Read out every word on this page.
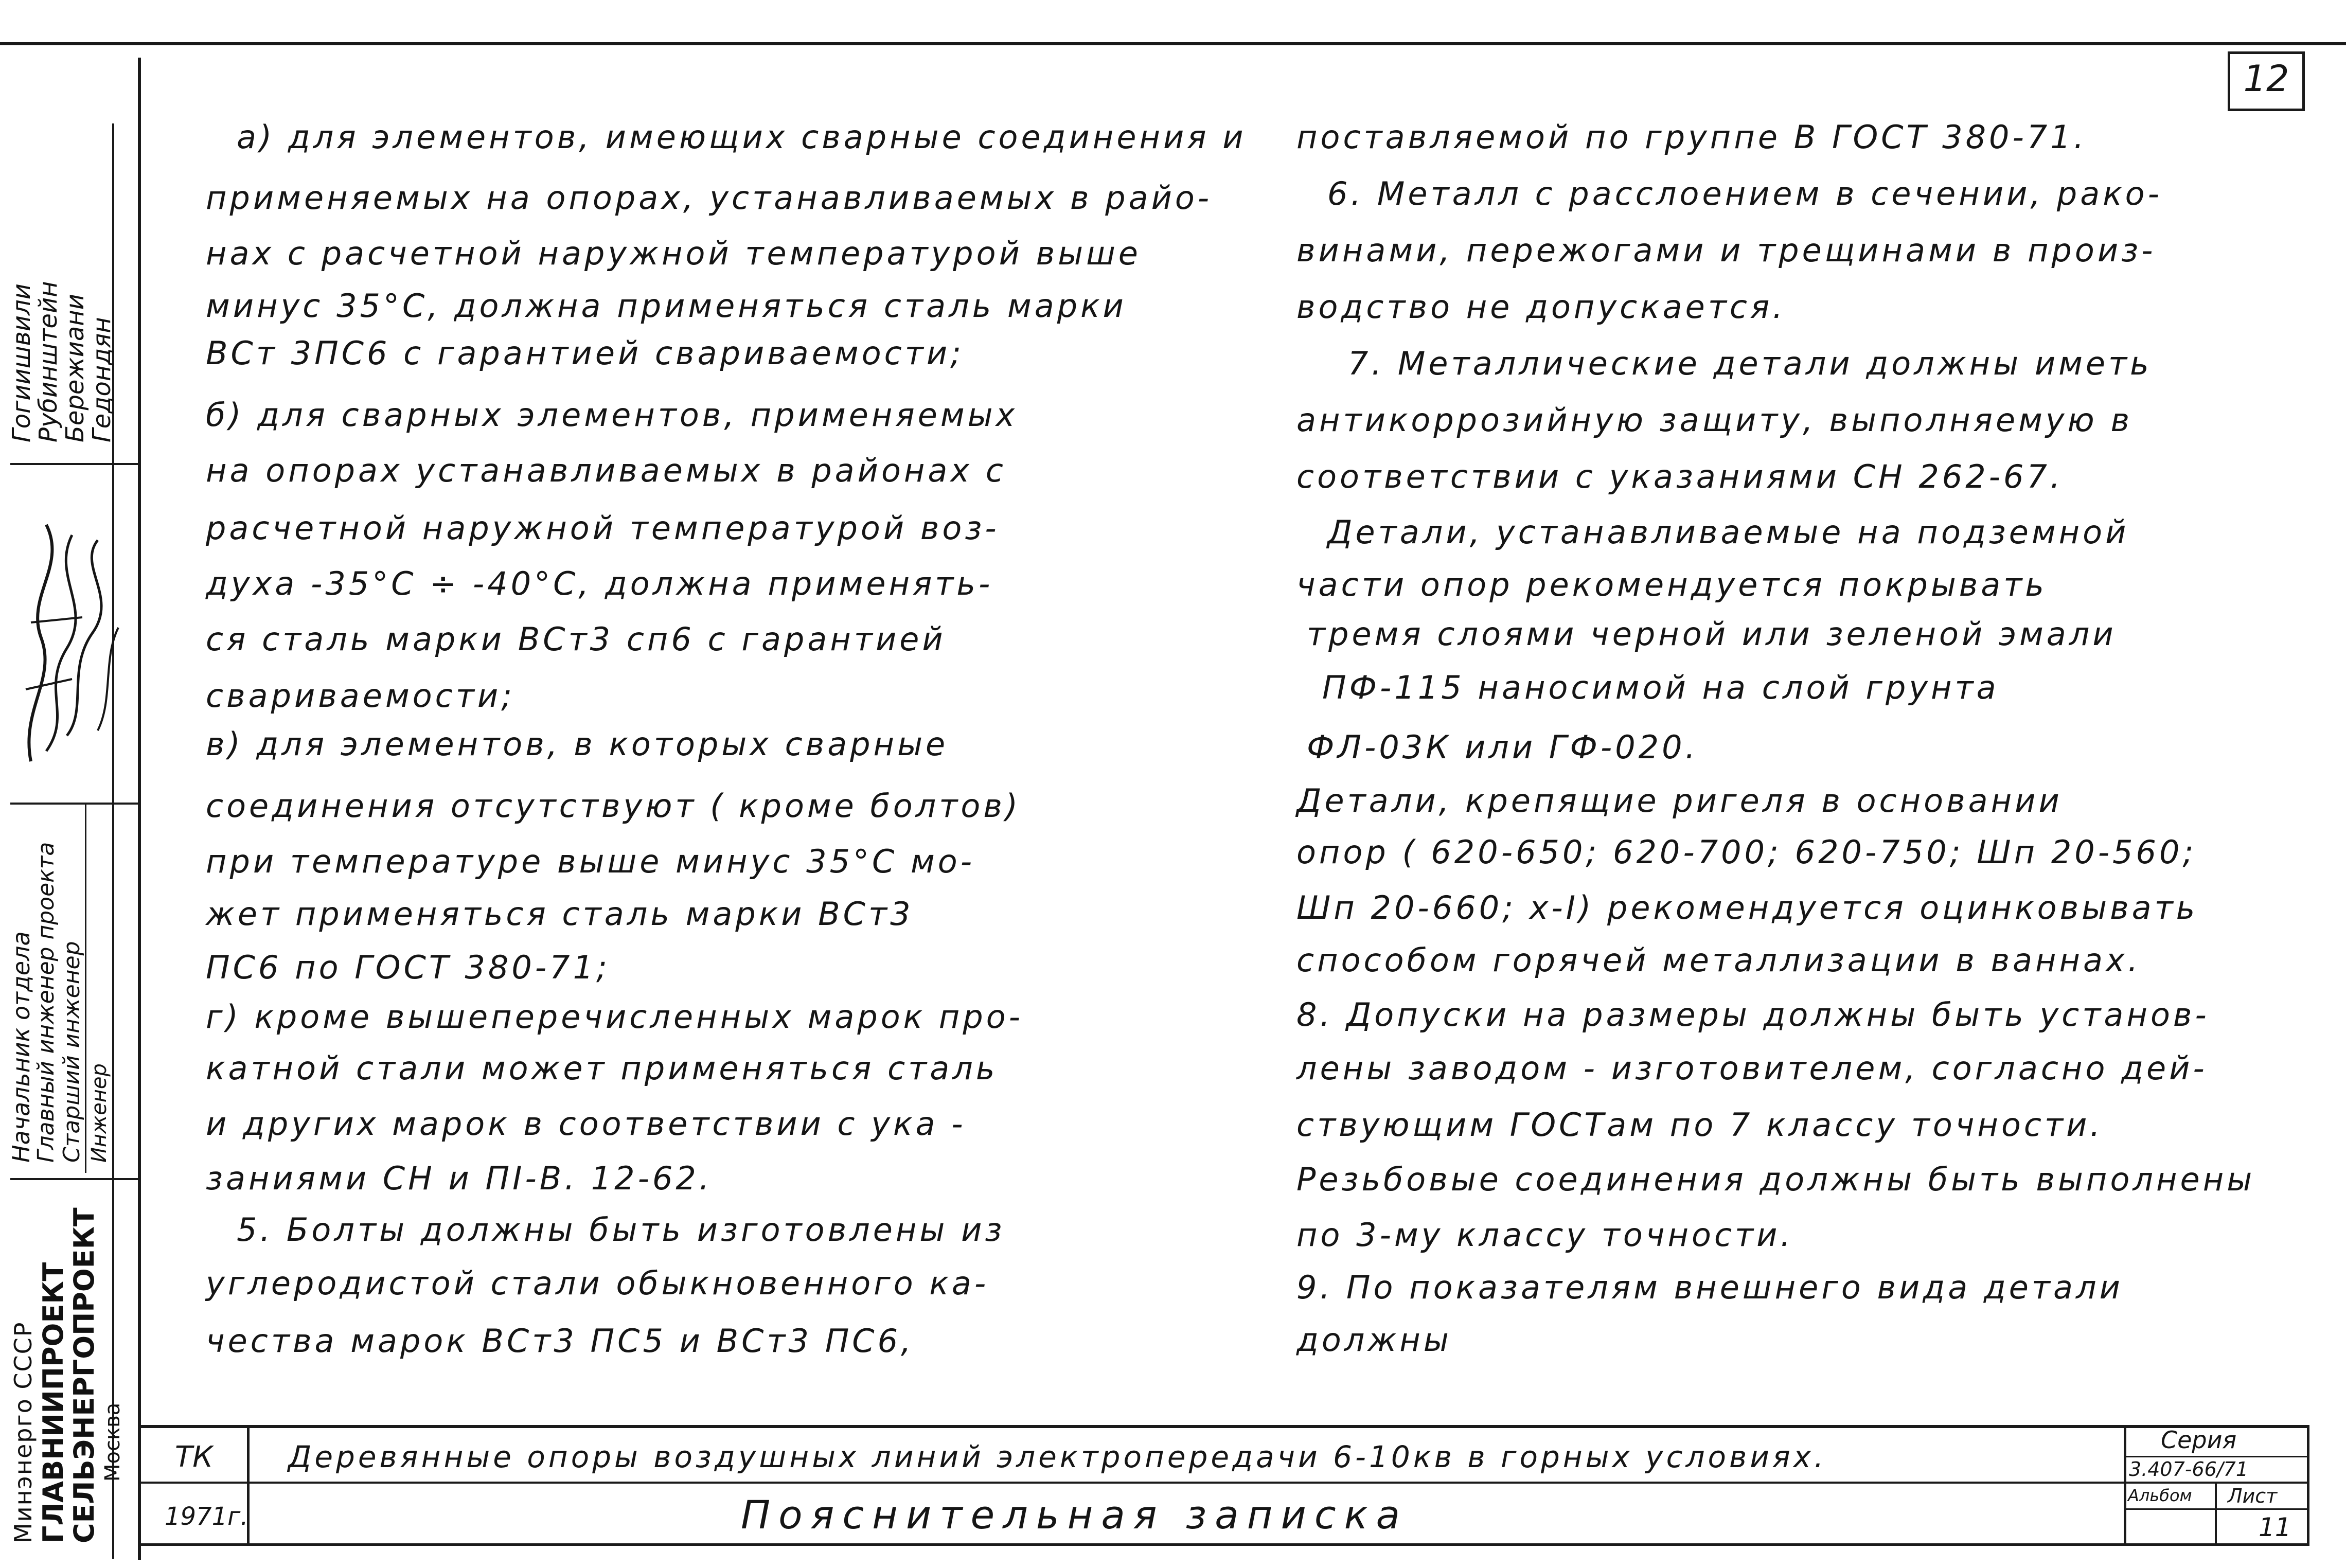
12
Гогиишвили
Рубинштейн
Бережиани
Гедондян
Начальник отдела
Главный инженер проекта Старший инженер Инженер
Минэнерго СССР ГЛАВНИИПРОЕКТ
СЕЛЬЭНЕРГОПРОЕКТ Москва

а) для элементов, имеющих сварные соединения и

применяемых на опорах, устанавливаемых в райо-

нах с расчетной наружной температурой выше

минус 35°С, должна применяться сталь марки

ВСт 3ПС6 с гарантией свариваемости;

б) для сварных элементов, применяемых

на опорах устанавливаемых в районах с

расчетной наружной температурой воз-

духа -35°С ÷ -40°С, должна применять-

ся сталь марки ВСт3 сп6 с гарантией

свариваемости;

в) для элементов, в которых сварные

соединения отсутствуют ( кроме болтов)

при температуре выше минус 35°С мо-

жет применяться сталь марки ВСт3

ПС6 по ГОСТ 380-71;

г) кроме вышеперечисленных марок про-

катной стали может применяться сталь

и других марок в соответствии с ука -

заниями СН и ПI-В. 12-62.

5. Болты должны быть изготовлены из

углеродистой стали обыкновенного ка-

чества марок ВСт3 ПС5 и ВСт3 ПС6,

поставляемой по группе В ГОСТ 380-71.

6. Металл с расслоением в сечении, рако-

винами, пережогами и трещинами в произ-

водство не допускается.

7. Металлические детали должны иметь

антикоррозийную защиту, выполняемую в

соответствии с указаниями СН 262-67.

Детали, устанавливаемые на подземной

части опор рекомендуется покрывать

тремя слоями черной или зеленой эмали

ПФ-115 наносимой на слой грунта

ФЛ-03К или ГФ-020.

Детали, крепящие ригеля в основании

опор ( 620-650; 620-700; 620-750; Шп 20-560;

Шп 20-660; х-I) рекомендуется оцинковывать

способом горячей металлизации в ваннах.

8. Допуски на размеры должны быть установ-

лены заводом - изготовителем, согласно дей-

ствующим ГОСТам по 7 классу точности.

Резьбовые соединения должны быть выполнены

по 3-му классу точности.

9. По показателям внешнего вида детали

должны

ТК
1971г.
Деревянные опоры воздушных линий электропередачи 6-10кв в горных условиях.
Пояснительная записка
Серия
3.407-66/71
Альбом Лист
11
